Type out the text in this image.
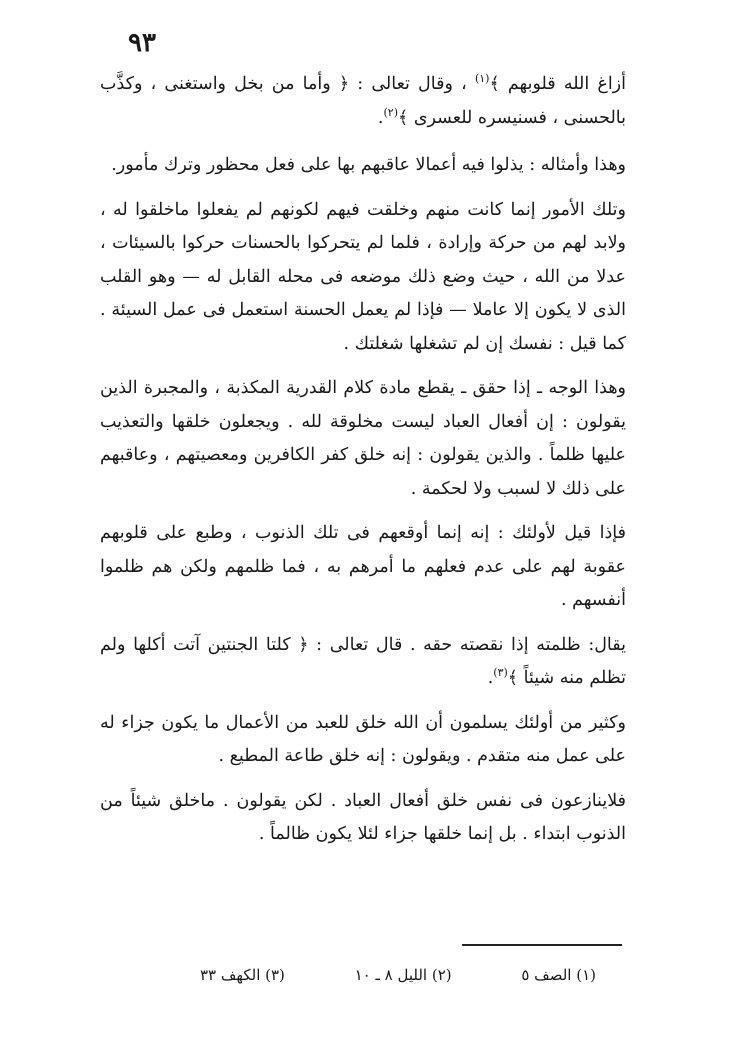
٩٣

أزاغ الله قلوبهم ﴾$^{(١)}$ ، وقال تعالى : ﴿ وأما من بخل واستغنى ، وكذَّب بالحسنى ، فسنيسره للعسرى ﴾$^{(٢)}$.

وهذا وأمثاله : يذلوا فيه أعمالا عاقبهم بها على فعل محظور وترك مأمور.

وتلك الأمور إنما كانت منهم وخلقت فيهم لكونهم لم يفعلوا ماخلقوا له ، ولابد لهم من حركة وإرادة ، فلما لم يتحركوا بالحسنات حركوا بالسيئات ، عدلا من الله ، حيث وضع ذلك موضعه فى محله القابل له — وهو القلب الذى لا يكون إلا عاملا — فإذا لم يعمل الحسنة استعمل فى عمل السيئة . كما قيل : نفسك إن لم تشغلها شغلتك .

وهذا الوجه ـ إذا حقق ـ يقطع مادة كلام القدرية المكذبة ، والمجبرة الذين يقولون : إن أفعال العباد ليست مخلوقة لله . ويجعلون خلقها والتعذيب عليها ظلماً . والذين يقولون : إنه خلق كفر الكافرين ومعصيتهم ، وعاقبهم على ذلك لا لسبب ولا لحكمة .

فإذا قيل لأولئك : إنه إنما أوقعهم فى تلك الذنوب ، وطبع على قلوبهم عقوبة لهم على عدم فعلهم ما أمرهم به ، فما ظلمهم ولكن هم ظلموا أنفسهم .

يقال: ظلمته إذا نقصته حقه . قال تعالى : ﴿ كلتا الجنتين آتت أكلها ولم تظلم منه شيئاً ﴾$^{(٣)}$.

وكثير من أولئك يسلمون أن الله خلق للعبد من الأعمال ما يكون جزاء له على عمل منه متقدم . ويقولون : إنه خلق طاعة المطيع .

فلاينازعون فى نفس خلق أفعال العباد . لكن يقولون . ماخلق شيئاً من الذنوب ابتداء . بل إنما خلقها جزاء لئلا يكون ظالماً .

(١) الصف ٥
(٢) الليل ٨ ـ ١٠
(٣) الكهف ٣٣
